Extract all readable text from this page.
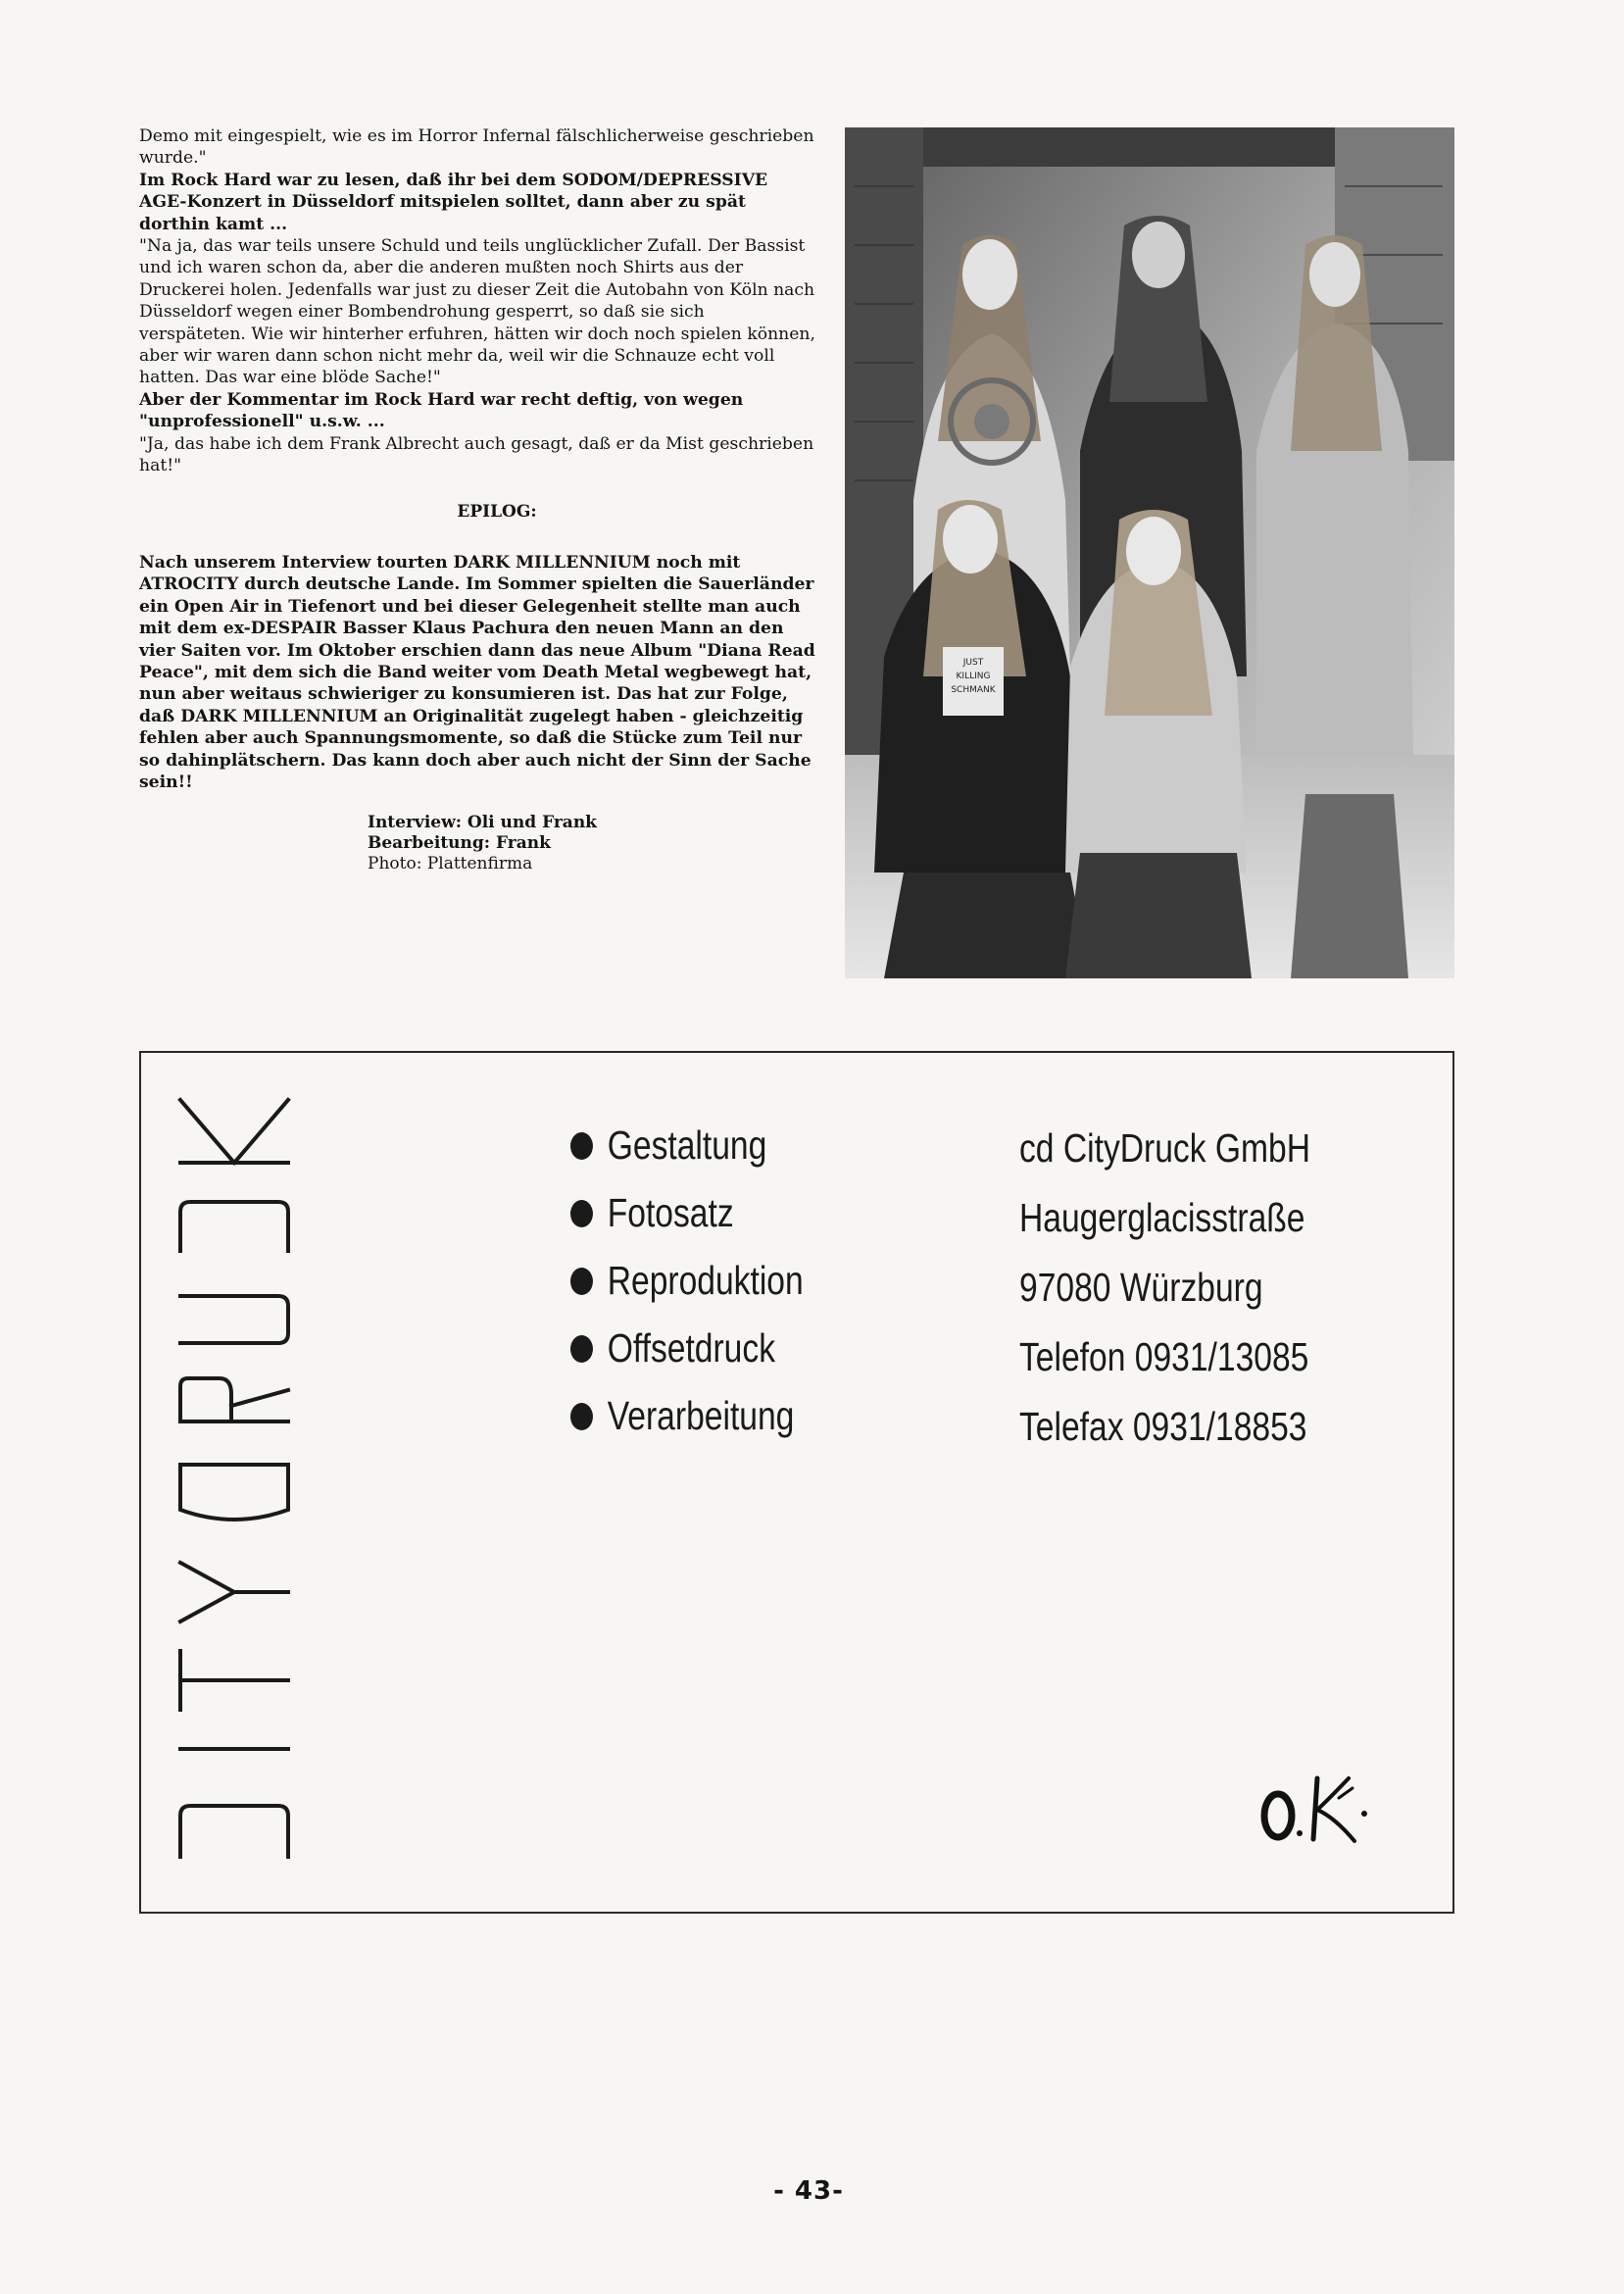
Demo mit eingespielt, wie es im Horror Infernal fälschlicherweise geschrieben wurde."

Im Rock Hard war zu lesen, daß ihr bei dem SODOM/DEPRESSIVE AGE-Konzert in Düsseldorf mitspielen solltet, dann aber zu spät dorthin kamt ...

"Na ja, das war teils unsere Schuld und teils unglücklicher Zufall. Der Bassist und ich waren schon da, aber die anderen mußten noch Shirts aus der Druckerei holen. Jedenfalls war just zu dieser Zeit die Autobahn von Köln nach Düsseldorf wegen einer Bombendrohung gesperrt, so daß sie sich verspäteten. Wie wir hinterher erfuhren, hätten wir doch noch spielen können, aber wir waren dann schon nicht mehr da, weil wir die Schnauze echt voll hatten. Das war eine blöde Sache!"

Aber der Kommentar im Rock Hard war recht deftig, von wegen "unprofessionell" u.s.w. ...

"Ja, das habe ich dem Frank Albrecht auch gesagt, daß er da Mist geschrieben hat!"

EPILOG:

Nach unserem Interview tourten DARK MILLENNIUM noch mit ATROCITY durch deutsche Lande. Im Sommer spielten die Sauerländer ein Open Air in Tiefenort und bei dieser Gelegenheit stellte man auch mit dem ex-DESPAIR Basser Klaus Pachura den neuen Mann an den vier Saiten vor. Im Oktober erschien dann das neue Album "Diana Read Peace", mit dem sich die Band weiter vom Death Metal wegbewegt hat, nun aber weitaus schwieriger zu konsumieren ist. Das hat zur Folge, daß DARK MILLENNIUM an Originalität zugelegt haben - gleichzeitig fehlen aber auch Spannungsmomente, so daß die Stücke zum Teil nur so dahinplätschern. Das kann doch aber auch nicht der Sinn der Sache sein!!

Interview: Oli und Frank
Bearbeitung: Frank
Photo: Plattenfirma
JUST
KILLING
SCHMANK
Gestaltung
Fotosatz
Reproduktion
Offsetdruck
Verarbeitung
cd CityDruck GmbH
Haugerglacisstraße
97080 Würzburg
Telefon 0931/13085
Telefax 0931/18853
- 43-
